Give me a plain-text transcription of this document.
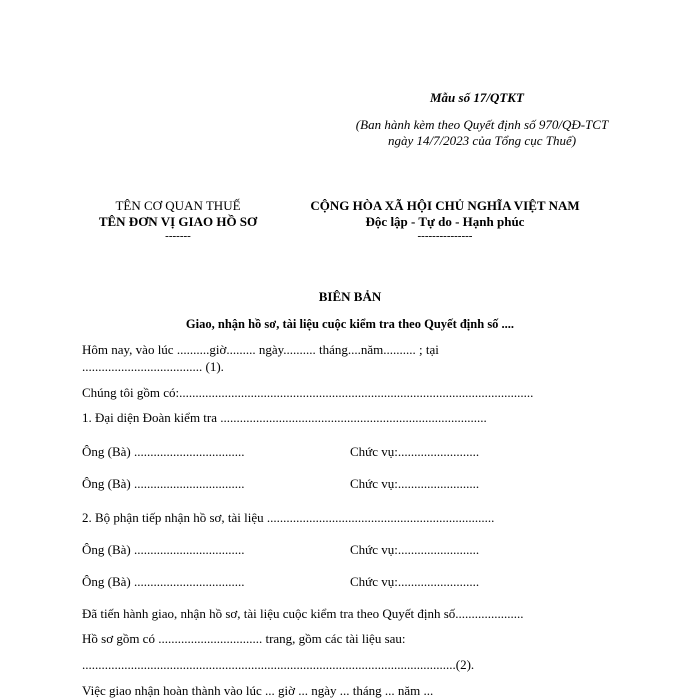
Mẫu số 17/QTKT
(Ban hành kèm theo Quyết định số 970/QĐ-TCT
ngày 14/7/2023 của Tổng cục Thuế)
TÊN CƠ QUAN THUẾ
TÊN ĐƠN VỊ GIAO HỒ SƠ
-------
CỘNG HÒA XÃ HỘI CHỦ NGHĨA VIỆT NAM
Độc lập - Tự do - Hạnh phúc
---------------
BIÊN BẢN
Giao, nhận hồ sơ, tài liệu cuộc kiểm tra theo Quyết định số ....
Hôm nay, vào lúc ..........giờ......... ngày.......... tháng....năm.......... ; tại
..................................... (1).
Chúng tôi gồm có:.............................................................................................................
1. Đại diện Đoàn kiểm tra ..................................................................................
Ông (Bà) ..................................	Chức vụ:.........................
Ông (Bà) ..................................	Chức vụ:.........................
2. Bộ phận tiếp nhận hồ sơ, tài liệu ......................................................................
Ông (Bà) ..................................	Chức vụ:.........................
Ông (Bà) ..................................	Chức vụ:.........................
Đã tiến hành giao, nhận hồ sơ, tài liệu cuộc kiểm tra theo Quyết định số.....................
Hồ sơ gồm có ................................ trang, gồm các tài liệu sau:
...................................................................................................................(2).
Việc giao nhận hoàn thành vào lúc ... giờ ... ngày ... tháng ... năm ...
